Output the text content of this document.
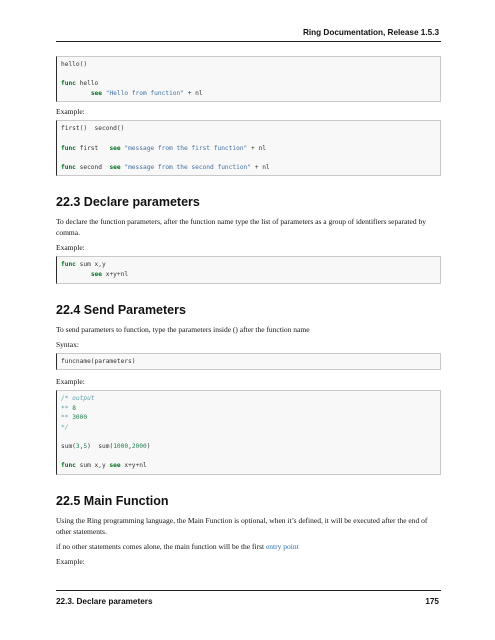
Ring Documentation, Release 1.5.3
hello()

func hello
see "Hello from function" + nl

Example:

first()  second()

func first   see "message from the first function" + nl

func second  see "message from the second function" + nl
22.3 Declare parameters

To declare the function parameters, after the function name type the list of parameters as a group of identifiers separated by comma.

Example:

func sum x,y
see x+y+nl
22.4 Send Parameters

To send parameters to function, type the parameters inside () after the function name

Syntax:

funcname(parameters)

Example:

/* output
** 8
** 3000
*/

sum(3,5)  sum(1000,2000)

func sum x,y see x+y+nl
22.5 Main Function

Using the Ring programming language, the Main Function is optional, when it’s defined, it will be executed after the end of other statements.

if no other statements comes alone, the main function will be the first entry point

Example:

22.3. Declare parameters	175
